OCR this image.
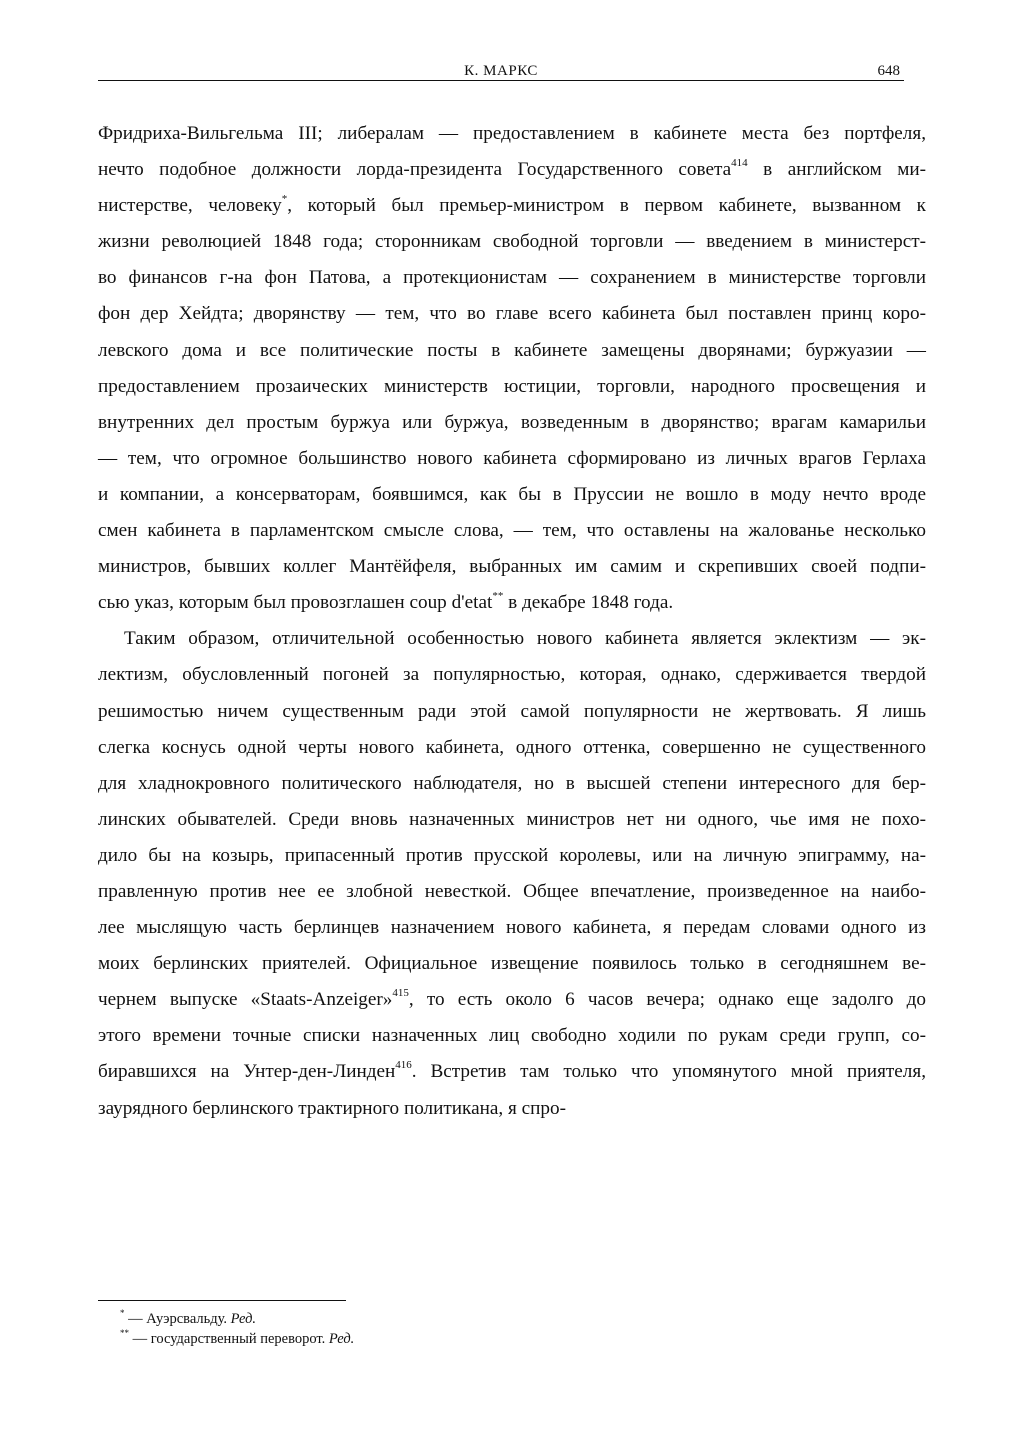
К. МАРКС	648

Фридриха-Вильгельма III; либералам — предоставлением в кабинете места без портфеля,
нечто подобное должности лорда-президента Государственного совета$^{414}$ в английском ми-
нистерстве, человеку*, который был премьер-министром в первом кабинете, вызванном к
жизни революцией 1848 года; сторонникам свободной торговли — введением в министерст-
во финансов г-на фон Патова, а протекционистам — сохранением в министерстве торговли
фон дер Хейдта; дворянству — тем, что во главе всего кабинета был поставлен принц коро-
левского дома и все политические посты в кабинете замещены дворянами; буржуазии —
предоставлением прозаических министерств юстиции, торговли, народного просвещения и
внутренних дел простым буржуа или буржуа, возведенным в дворянство; врагам камарильи
— тем, что огромное большинство нового кабинета сформировано из личных врагов Герлаха
и компании, а консерваторам, боявшимся, как бы в Пруссии не вошло в моду нечто вроде
смен кабинета в парламентском смысле слова, — тем, что оставлены на жалованье несколько
министров, бывших коллег Мантёйфеля, выбранных им самим и скрепивших своей подпи-
сью указ, которым был провозглашен coup d'etat** в декабре 1848 года.

Таким образом, отличительной особенностью нового кабинета является эклектизм — эк-
лектизм, обусловленный погоней за популярностью, которая, однако, сдерживается твердой
решимостью ничем существенным ради этой самой популярности не жертвовать. Я лишь
слегка коснусь одной черты нового кабинета, одного оттенка, совершенно не существенного
для хладнокровного политического наблюдателя, но в высшей степени интересного для бер-
линских обывателей. Среди вновь назначенных министров нет ни одного, чье имя не похо-
дило бы на козырь, припасенный против прусской королевы, или на личную эпиграмму, на-
правленную против нее ее злобной невесткой. Общее впечатление, произведенное на наибо-
лее мыслящую часть берлинцев назначением нового кабинета, я передам словами одного из
моих берлинских приятелей. Официальное извещение появилось только в сегодняшнем ве-
чернем выпуске «Staats-Anzeiger»$^{415}$, то есть около 6 часов вечера; однако еще задолго до
этого времени точные списки назначенных лиц свободно ходили по рукам среди групп, со-
биравшихся на Унтер-ден-Линден$^{416}$. Встретив там только что упомянутого мной приятеля,
заурядного берлинского трактирного политикана, я спро-

* — Ауэрсвальду. Ред.
** — государственный переворот. Ред.
